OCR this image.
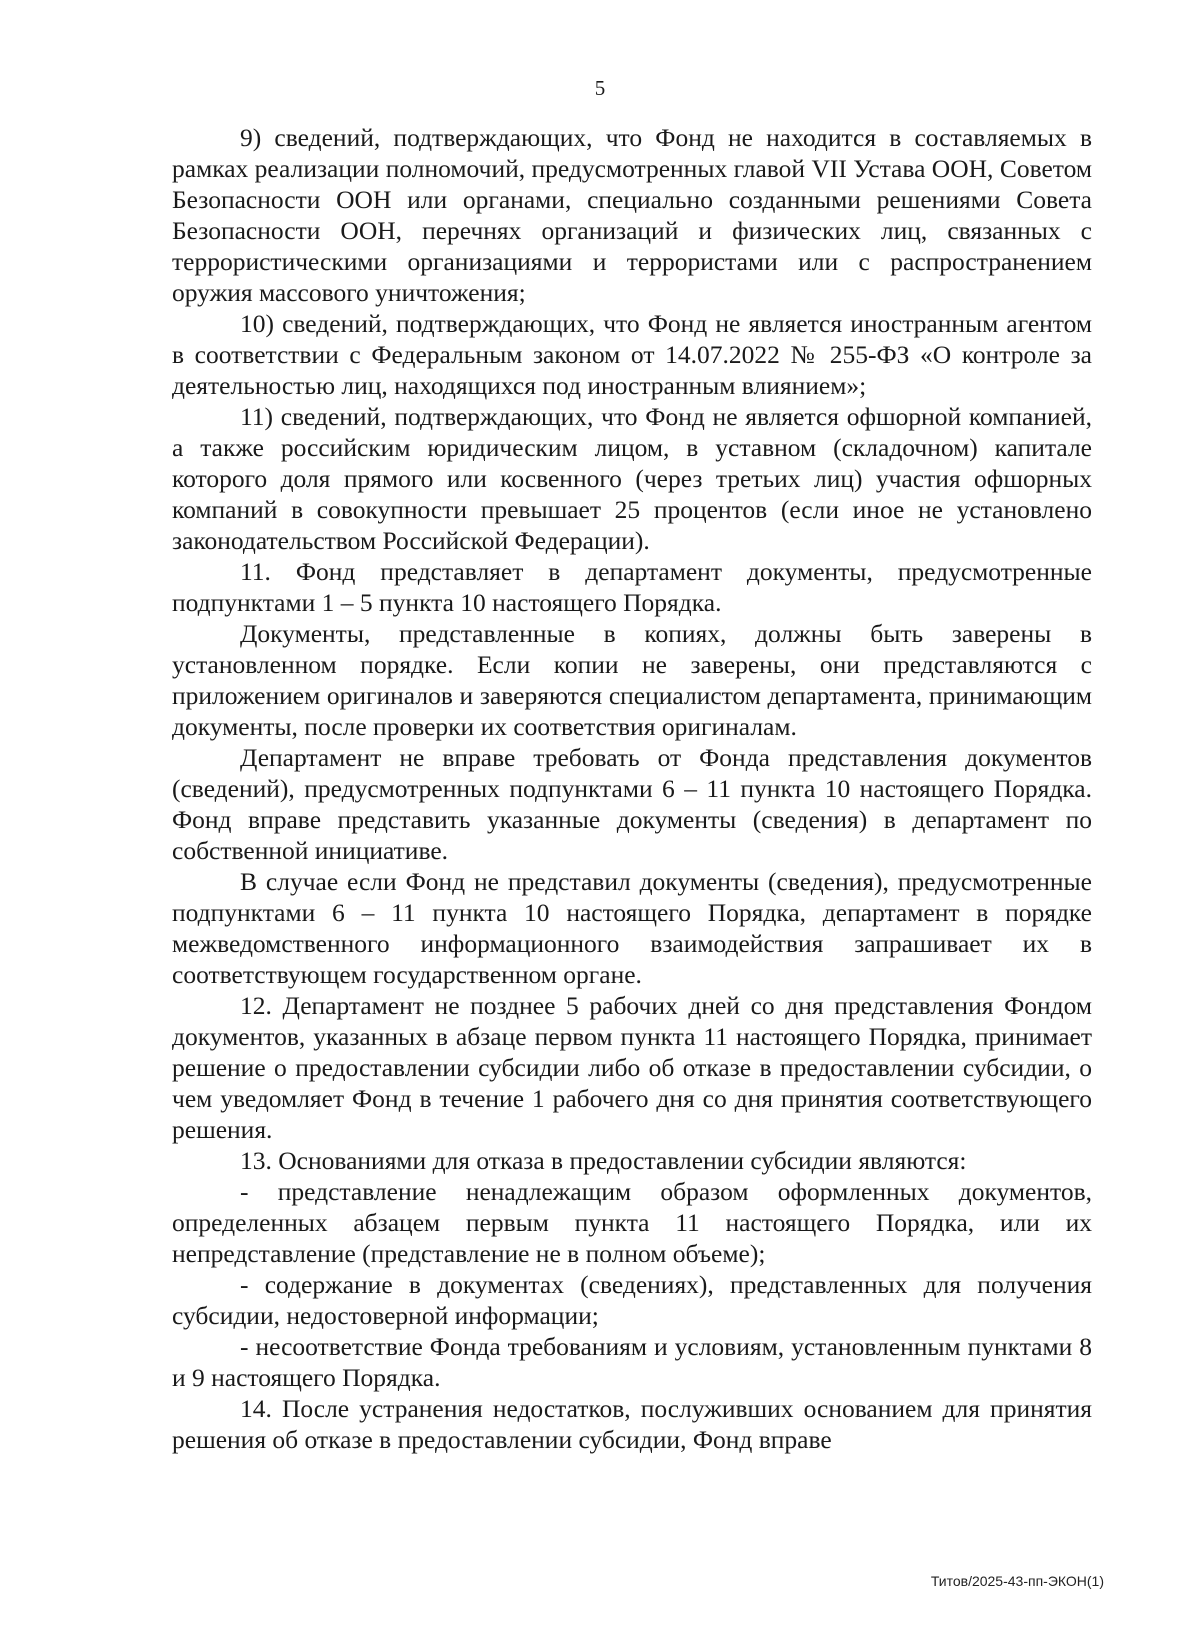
5

9) сведений, подтверждающих, что Фонд не находится в составляемых в рамках реализации полномочий, предусмотренных главой VII Устава ООН, Советом Безопасности ООН или органами, специально созданными решениями Совета Безопасности ООН, перечнях организаций и физических лиц, связанных с террористическими организациями и террористами или с распространением оружия массового уничтожения;

10) сведений, подтверждающих, что Фонд не является иностранным агентом в соответствии с Федеральным законом от 14.07.2022 № 255-ФЗ «О контроле за деятельностью лиц, находящихся под иностранным влиянием»;

11) сведений, подтверждающих, что Фонд не является офшорной компанией, а также российским юридическим лицом, в уставном (складочном) капитале которого доля прямого или косвенного (через третьих лиц) участия офшорных компаний в совокупности превышает 25 процентов (если иное не установлено законодательством Российской Федерации).

11. Фонд представляет в департамент документы, предусмотренные подпунктами 1 – 5 пункта 10 настоящего Порядка.

Документы, представленные в копиях, должны быть заверены в установленном порядке. Если копии не заверены, они представляются с приложением оригиналов и заверяются специалистом департамента, принимающим документы, после проверки их соответствия оригиналам.

Департамент не вправе требовать от Фонда представления документов (сведений), предусмотренных подпунктами 6 – 11 пункта 10 настоящего Порядка. Фонд вправе представить указанные документы (сведения) в департамент по собственной инициативе.

В случае если Фонд не представил документы (сведения), предусмотренные подпунктами 6 – 11 пункта 10 настоящего Порядка, департамент в порядке межведомственного информационного взаимодействия запрашивает их в соответствующем государственном органе.

12. Департамент не позднее 5 рабочих дней со дня представления Фондом документов, указанных в абзаце первом пункта 11 настоящего Порядка, принимает решение о предоставлении субсидии либо об отказе в предоставлении субсидии, о чем уведомляет Фонд в течение 1 рабочего дня со дня принятия соответствующего решения.

13. Основаниями для отказа в предоставлении субсидии являются:

- представление ненадлежащим образом оформленных документов, определенных абзацем первым пункта 11 настоящего Порядка, или их непредставление (представление не в полном объеме);

- содержание в документах (сведениях), представленных для получения субсидии, недостоверной информации;

- несоответствие Фонда требованиям и условиям, установленным пунктами 8 и 9 настоящего Порядка.

14. После устранения недостатков, послуживших основанием для принятия решения об отказе в предоставлении субсидии, Фонд вправе

Титов/2025-43-пп-ЭКОН(1)
